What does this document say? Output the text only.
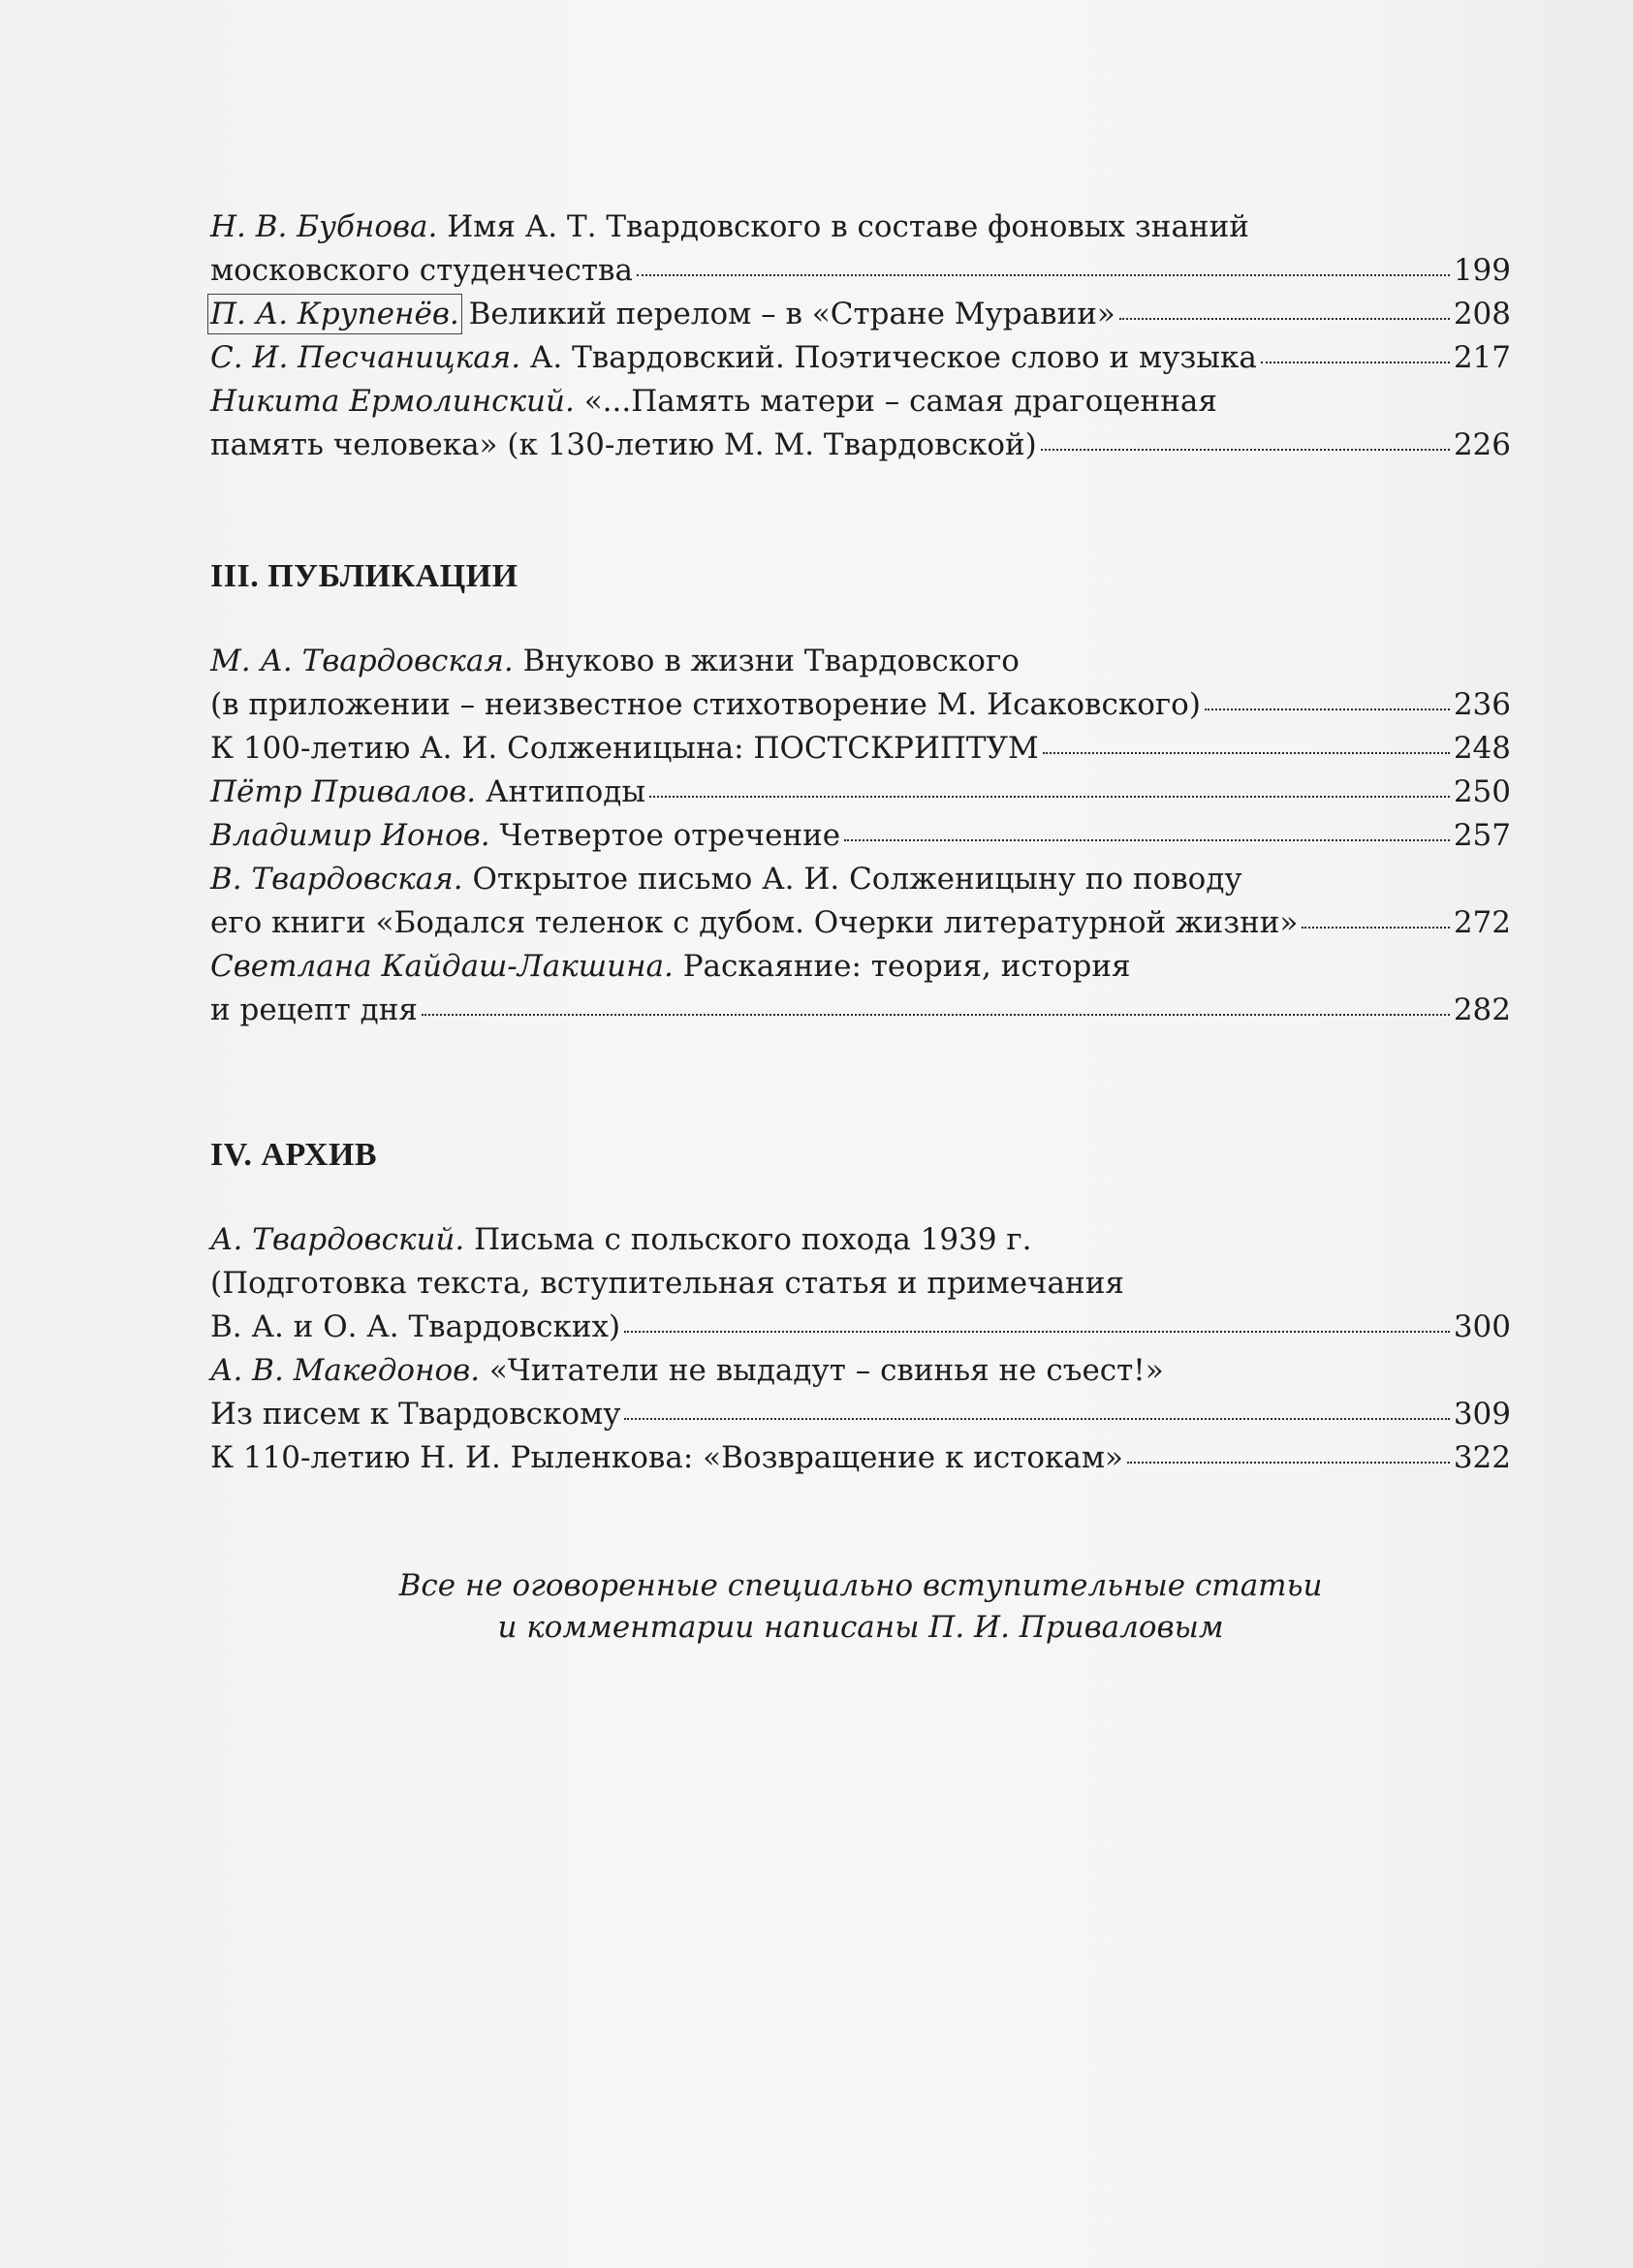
Н. В. Бубнова. Имя А. Т. Твардовского в составе фоновых знаний
московского студенчества	199
П. А. Крупенёв. Великий перелом – в «Стране Муравии»	208
С. И. Песчаницкая. А. Твардовский. Поэтическое слово и музыка	217
Никита Ермолинский. «...Память матери – самая драгоценная
память человека» (к 130-летию М. М. Твардовской)	226
III. ПУБЛИКАЦИИ
М. А. Твардовская. Внуково в жизни Твардовского
(в приложении – неизвестное стихотворение М. Исаковского)	236
К 100-летию А. И. Солженицына: ПОСТСКРИПТУМ	248
Пётр Привалов. Антиподы	250
Владимир Ионов. Четвертое отречение	257
В. Твардовская. Открытое письмо А. И. Солженицыну по поводу
его книги «Бодался теленок с дубом. Очерки литературной жизни»	272
Светлана Кайдаш-Лакшина. Раскаяние: теория, история
и рецепт дня	282
IV. АРХИВ
А. Твардовский. Письма с польского похода 1939 г.
(Подготовка текста, вступительная статья и примечания
В. А. и О. А. Твардовских)	300
А. В. Македонов. «Читатели не выдадут – свинья не съест!»
Из писем к Твардовскому	309
К 110-летию Н. И. Рыленкова: «Возвращение к истокам»	322
Все не оговоренные специально вступительные статьи
и комментарии написаны П. И. Приваловым
